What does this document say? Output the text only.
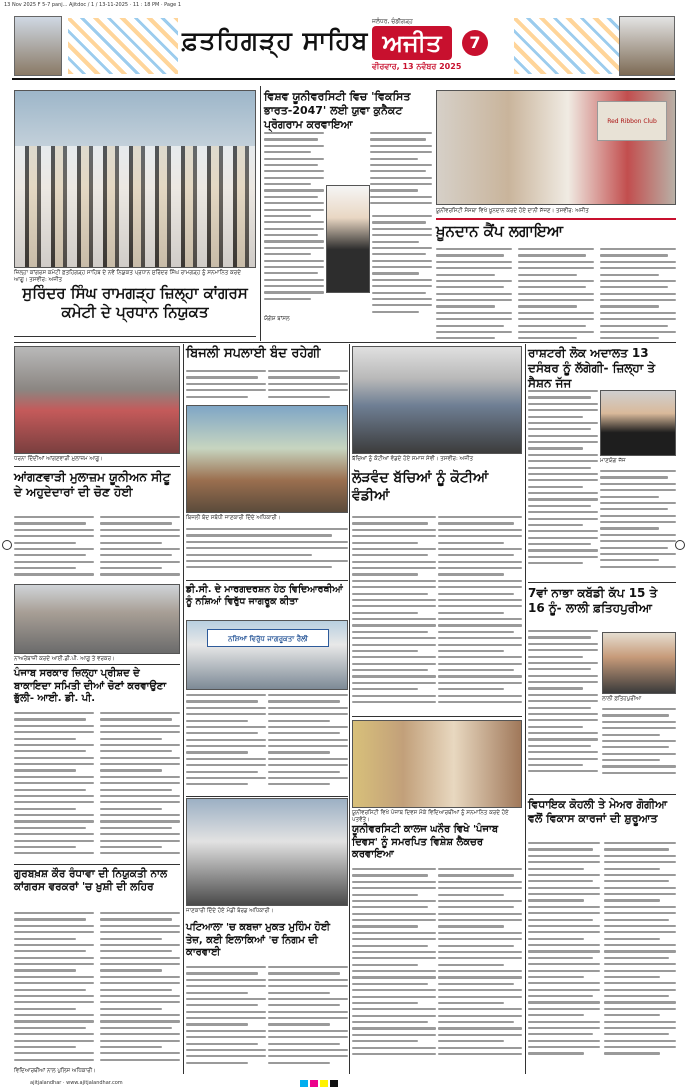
13 Nov 2025 F 5-7 panj... Ajitdoc / 1 / 13-11-2025 · 11 : 18 PM · Page 1
ਫ਼ਤਹਿਗੜ੍ਹ ਸਾਹਿਬ
ਜਲੰਧਰ, ਚੰਡੀਗੜ੍ਹ
ਅਜੀਤ
ਵੀਰਵਾਰ, 13 ਨਵੰਬਰ 2025
7
ਜ਼ਿਲ੍ਹਾ ਕਾਂਗਰਸ ਕਮੇਟੀ ਫ਼ਤਹਿਗੜ੍ਹ ਸਾਹਿਬ ਦੇ ਨਵੇਂ ਨਿਯੁਕਤ ਪ੍ਰਧਾਨ ਸੁਰਿੰਦਰ ਸਿੰਘ ਰਾਮਗੜ੍ਹ ਨੂੰ ਸਨਮਾਨਿਤ ਕਰਦੇ ਆਗੂ। ਤਸਵੀਰ: ਅਜੀਤ
ਵਿਸ਼ਵ ਯੂਨੀਵਰਸਿਟੀ ਵਿਚ 'ਵਿਕਸਿਤ ਭਾਰਤ-2047' ਲਈ ਯੁਵਾ ਕੁਨੈਕਟ ਪ੍ਰੋਗਰਾਮ ਕਰਵਾਇਆ	Red Ribbon Club
ਯੂਨੀਵਰਸਿਟੀ ਸੰਸਥਾ ਵਿਖੇ ਖ਼ੂਨਦਾਨ ਕਰਦੇ ਹੋਏ ਦਾਨੀ ਸੱਜਣ। ਤਸਵੀਰ: ਅਜੀਤ
ਖ਼ੂਨਦਾਨ ਕੈਂਪ ਲਗਾਇਆ
ਸੁਰਿੰਦਰ ਸਿੰਘ ਰਾਮਗੜ੍ਹ ਜ਼ਿਲ੍ਹਾ ਕਾਂਗਰਸ ਕਮੇਟੀ ਦੇ ਪ੍ਰਧਾਨ ਨਿਯੁਕਤ
ਬਿਜਲੀ ਸਪਲਾਈ ਬੰਦ ਰਹੇਗੀ
ਧਰਨਾ ਦਿੰਦੀਆਂ ਆਂਗਣਵਾੜੀ ਮੁਲਾਜ਼ਮ ਆਗੂ।
ਬਿਜਲੀ ਬੰਦ ਸਬੰਧੀ ਜਾਣਕਾਰੀ ਦਿੰਦੇ ਅਧਿਕਾਰੀ।
ਬੱਚਿਆਂ ਨੂੰ ਕੋਟੀਆਂ ਵੰਡਦੇ ਹੋਏ ਸਮਾਜ ਸੇਵੀ। ਤਸਵੀਰ: ਅਜੀਤ
ਰਾਸ਼ਟਰੀ ਲੋਕ ਅਦਾਲਤ 13 ਦਸੰਬਰ ਨੂੰ ਲੱਗੇਗੀ- ਜ਼ਿਲ੍ਹਾ ਤੇ ਸੈਸ਼ਨ ਜੱਜ
ਮਾਣਯੋਗ ਜੱਜ
ਆਂਗਣਵਾੜੀ ਮੁਲਾਜ਼ਮ ਯੂਨੀਅਨ ਸੀਟੂ ਦੇ ਅਹੁਦੇਦਾਰਾਂ ਦੀ ਚੋਣ ਹੋਈ
ਲੋੜਵੰਦ ਬੱਚਿਆਂ ਨੂੰ ਕੋਟੀਆਂ ਵੰਡੀਆਂ
ਨਾਅਰੇਬਾਜ਼ੀ ਕਰਦੇ ਆਈ.ਡੀ.ਪੀ. ਆਗੂ ਤੇ ਵਰਕਰ।
ਡੀ.ਸੀ. ਦੇ ਮਾਰਗਦਰਸ਼ਨ ਹੇਠ ਵਿਦਿਆਰਥੀਆਂ ਨੂੰ ਨਸ਼ਿਆਂ ਵਿਰੁੱਧ ਜਾਗਰੂਕ ਕੀਤਾ
ਨਸ਼ਿਆਂ ਵਿਰੁੱਧ ਜਾਗਰੂਕਤਾ ਰੈਲੀ
ਪੰਜਾਬ ਸਰਕਾਰ ਜ਼ਿਲ੍ਹਾ ਪ੍ਰੀਸ਼ਦ ਦੇ ਬਾਕਾਇਦਾ ਸਮਿਤੀ ਦੀਆਂ ਚੋਣਾਂ ਕਰਵਾਉਣਾ ਭੁੱਲੀ- ਆਈ. ਡੀ. ਪੀ.
7ਵਾਂ ਨਾਭਾ ਕਬੱਡੀ ਕੱਪ 15 ਤੇ 16 ਨੂੰ- ਲਾਲੀ ਫ਼ਤਿਹਪੁਰੀਆ
ਲਾਲੀ ਫ਼ਤਿਹਪੁਰੀਆ
ਯੂਨੀਵਰਸਿਟੀ ਵਿਖੇ ਪੰਜਾਬ ਦਿਵਸ ਮੌਕੇ ਵਿਦਿਆਰਥੀਆਂ ਨੂੰ ਸਨਮਾਨਿਤ ਕਰਦੇ ਹੋਏ ਪਤਵੰਤੇ।
ਯੂਨੀਵਰਸਿਟੀ ਕਾਲਜ ਘਨੌਰ ਵਿਖੇ 'ਪੰਜਾਬ ਦਿਵਸ' ਨੂੰ ਸਮਰਪਿਤ ਵਿਸ਼ੇਸ਼ ਲੈਕਚਰ ਕਰਵਾਇਆ
ਜਾਣਕਾਰੀ ਦਿੰਦੇ ਹੋਏ ਮੰਡੀ ਬੋਰਡ ਅਧਿਕਾਰੀ।
ਪਟਿਆਲਾ 'ਚ ਕਬਜ਼ਾ ਮੁਕਤ ਮੁਹਿੰਮ ਹੋਈ ਤੇਜ਼, ਕਈ ਇਲਾਕਿਆਂ 'ਚ ਨਿਗਮ ਦੀ ਕਾਰਵਾਈ
ਗੁਰਬਖ਼ਸ਼ ਕੌਰ ਰੰਧਾਵਾ ਦੀ ਨਿਯੁਕਤੀ ਨਾਲ ਕਾਂਗਰਸ ਵਰਕਰਾਂ 'ਚ ਖ਼ੁਸ਼ੀ ਦੀ ਲਹਿਰ
ਵਿਧਾਇਕ ਕੋਹਲੀ ਤੇ ਮੇਅਰ ਗੋਗੀਆ ਵਲੋਂ ਵਿਕਾਸ ਕਾਰਜਾਂ ਦੀ ਸ਼ੁਰੂਆਤ
ajitjalandhar · www.ajitjalandhar.com
ਯੋਗੇਸ਼ ਬਾਂਸਲ
ਵਿਦਿਆਰਥੀਆਂ ਨਾਲ ਪੁਲਿਸ ਅਧਿਕਾਰੀ।
